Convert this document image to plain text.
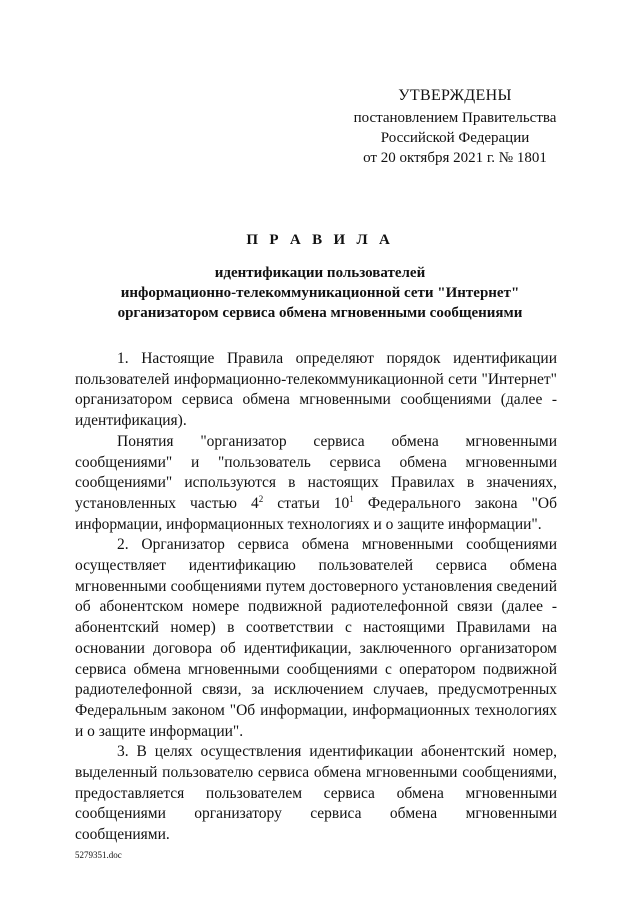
УТВЕРЖДЕНЫ
постановлением Правительства
Российской Федерации
от 20 октября 2021 г. № 1801
П Р А В И Л А
идентификации пользователей
информационно-телекоммуникационной сети "Интернет"
организатором сервиса обмена мгновенными сообщениями

1. Настоящие Правила определяют порядок идентификации пользователей информационно-телекоммуникационной сети "Интернет" организатором сервиса обмена мгновенными сообщениями (далее - идентификация).

Понятия "организатор сервиса обмена мгновенными сообщениями" и "пользователь сервиса обмена мгновенными сообщениями" используются в настоящих Правилах в значениях, установленных частью $4^2$ статьи $10^1$ Федерального закона "Об информации, информационных технологиях и о защите информации".

2. Организатор сервиса обмена мгновенными сообщениями осуществляет идентификацию пользователей сервиса обмена мгновенными сообщениями путем достоверного установления сведений об абонентском номере подвижной радиотелефонной связи (далее - абонентский номер) в соответствии с настоящими Правилами на основании договора об идентификации, заключенного организатором сервиса обмена мгновенными сообщениями с оператором подвижной радиотелефонной связи, за исключением случаев, предусмотренных Федеральным законом "Об информации, информационных технологиях и о защите информации".

3. В целях осуществления идентификации абонентский номер, выделенный пользователю сервиса обмена мгновенными сообщениями, предоставляется пользователем сервиса обмена мгновенными сообщениями организатору сервиса обмена мгновенными сообщениями.

5279351.doc
